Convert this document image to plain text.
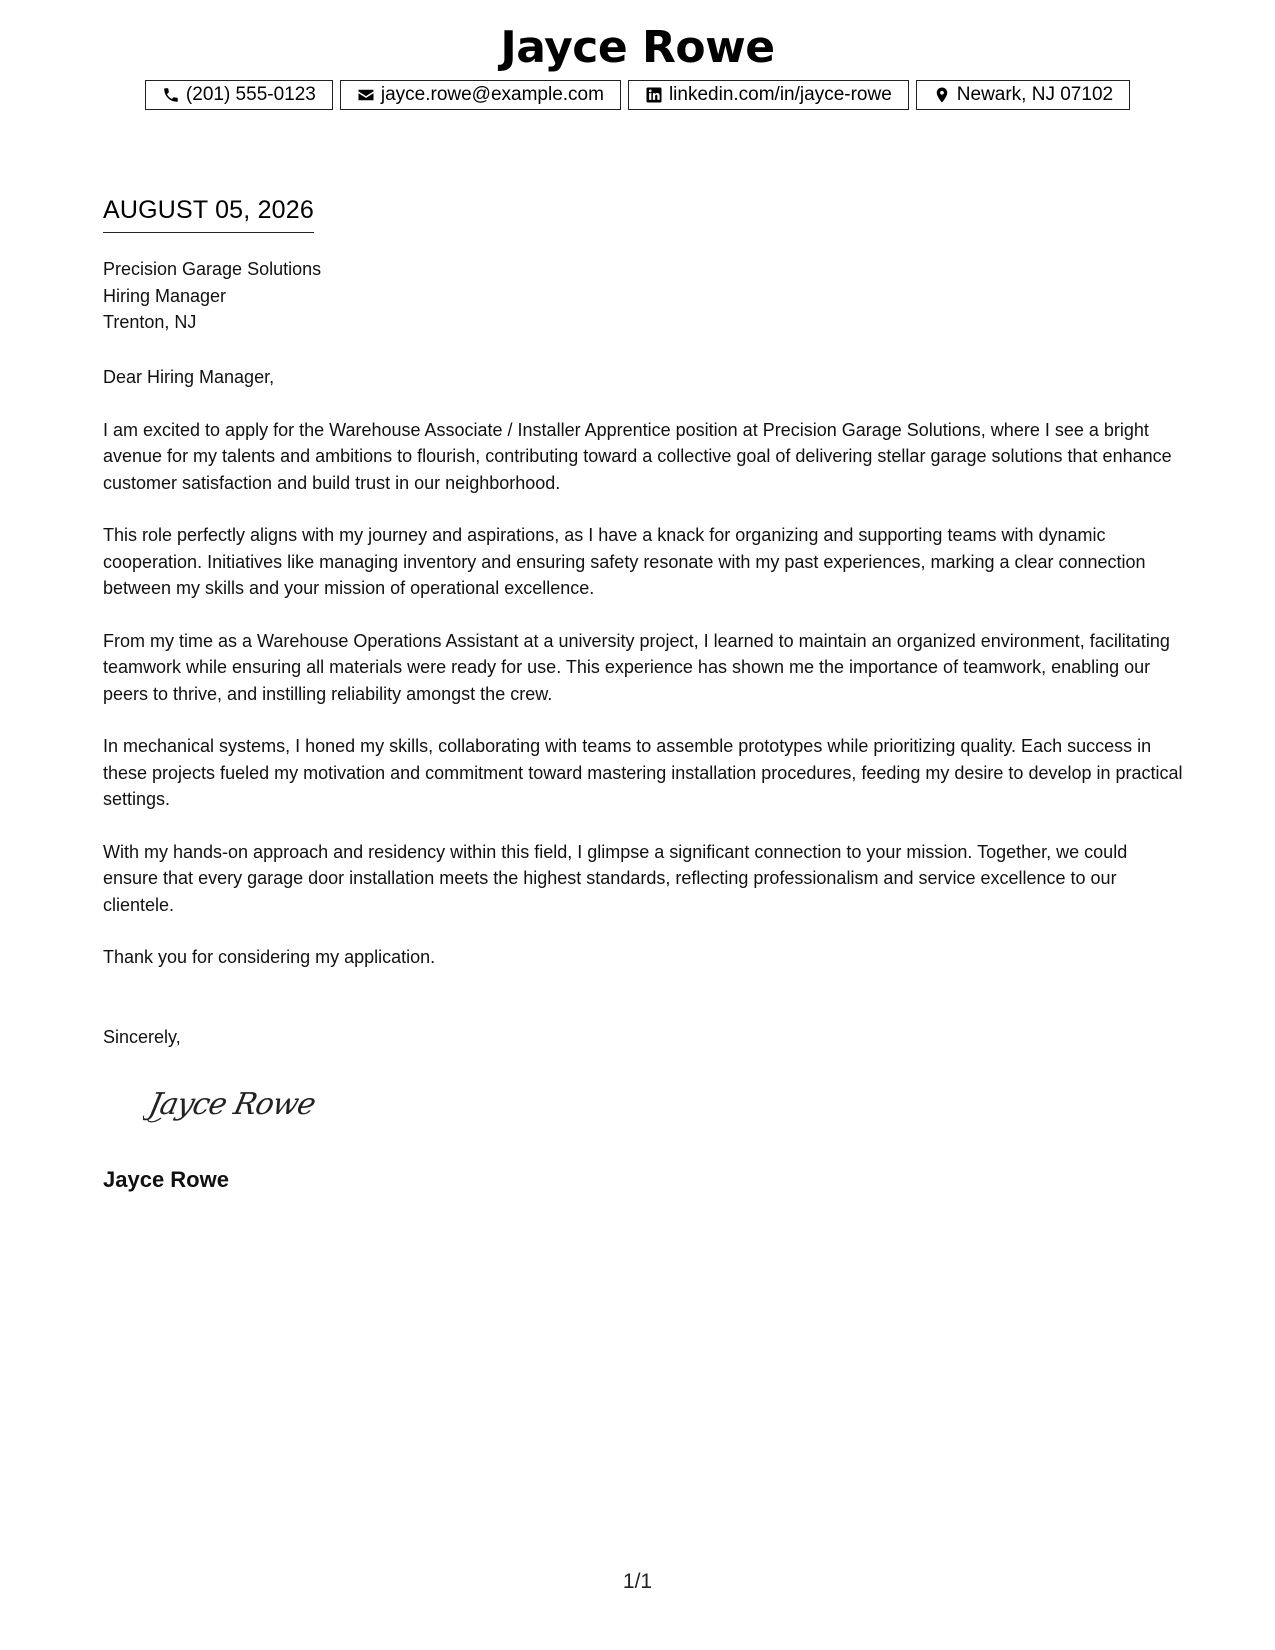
Jayce Rowe
(201) 555-0123	jayce.rowe@example.com	linkedin.com/in/jayce-rowe	Newark, NJ 07102
AUGUST 05, 2026
Precision Garage Solutions
Hiring Manager
Trenton, NJ

Dear Hiring Manager,

I am excited to apply for the Warehouse Associate / Installer Apprentice position at Precision Garage Solutions, where I see a bright avenue for my talents and ambitions to flourish, contributing toward a collective goal of delivering stellar garage solutions that enhance customer satisfaction and build trust in our neighborhood.

This role perfectly aligns with my journey and aspirations, as I have a knack for organizing and supporting teams with dynamic cooperation. Initiatives like managing inventory and ensuring safety resonate with my past experiences, marking a clear connection between my skills and your mission of operational excellence.

From my time as a Warehouse Operations Assistant at a university project, I learned to maintain an organized environment, facilitating teamwork while ensuring all materials were ready for use. This experience has shown me the importance of teamwork, enabling our peers to thrive, and instilling reliability amongst the crew.

In mechanical systems, I honed my skills, collaborating with teams to assemble prototypes while prioritizing quality. Each success in these projects fueled my motivation and commitment toward mastering installation procedures, feeding my desire to develop in practical settings.

With my hands-on approach and residency within this field, I glimpse a significant connection to your mission. Together, we could ensure that every garage door installation meets the highest standards, reflecting professionalism and service excellence to our clientele.

Thank you for considering my application.

Sincerely,
Jayce Rowe
Jayce Rowe
1/1
